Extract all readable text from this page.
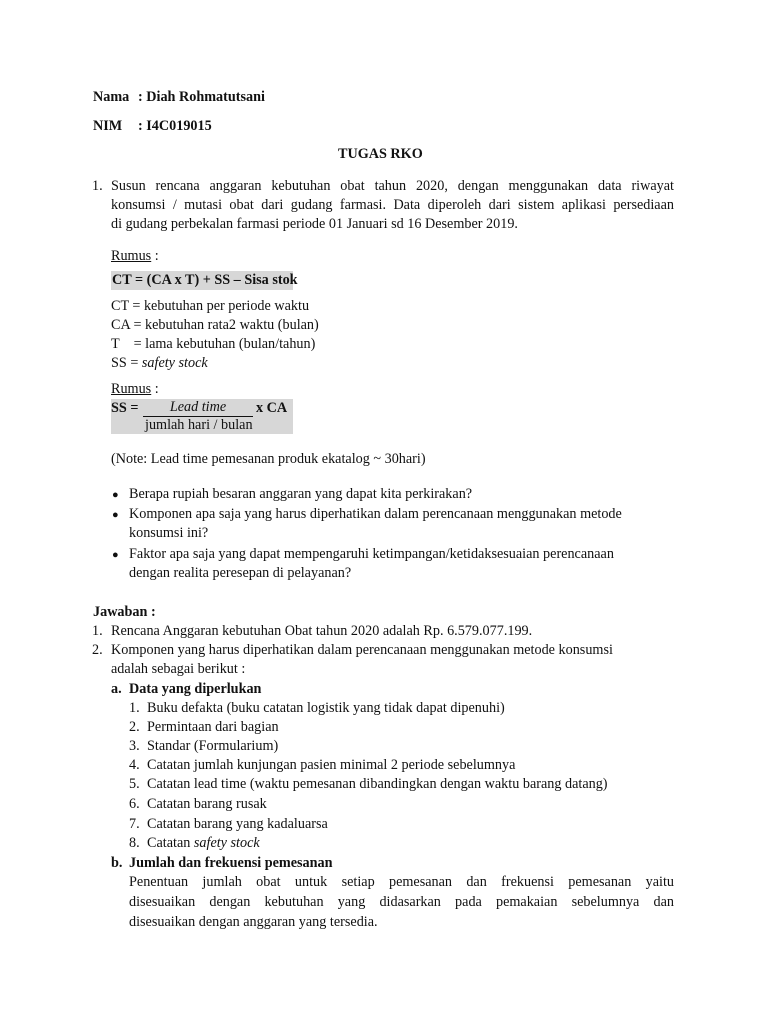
Nama : Diah Rohmatutsani
NIM : I4C019015
TUGAS RKO
1. Susun rencana anggaran kebutuhan obat tahun 2020, dengan menggunakan data riwayat
konsumsi / mutasi obat dari gudang farmasi. Data diperoleh dari sistem aplikasi persediaan
di gudang perbekalan farmasi periode 01 Januari sd 16 Desember 2019.
Rumus :
CT = (CA x T) + SS – Sisa stok
CT = kebutuhan per periode waktu
CA = kebutuhan rata2 waktu (bulan)
T    = lama kebutuhan (bulan/tahun)
SS = safety stock
Rumus :
SS =	Lead time	x CA
jumlah hari / bulan
(Note: Lead time pemesanan produk ekatalog ~ 30hari)
● Berapa rupiah besaran anggaran yang dapat kita perkirakan?
● Komponen apa saja yang harus diperhatikan dalam perencanaan menggunakan metode
konsumsi ini?
● Faktor apa saja yang dapat mempengaruhi ketimpangan/ketidaksesuaian perencanaan
dengan realita peresepan di pelayanan?
Jawaban :
1. Rencana Anggaran kebutuhan Obat tahun 2020 adalah Rp. 6.579.077.199.
2. Komponen yang harus diperhatikan dalam perencanaan menggunakan metode konsumsi
adalah sebagai berikut :
a. Data yang diperlukan
1. Buku defakta (buku catatan logistik yang tidak dapat dipenuhi)
2. Permintaan dari bagian
3. Standar (Formularium)
4. Catatan jumlah kunjungan pasien minimal 2 periode sebelumnya
5. Catatan lead time (waktu pemesanan dibandingkan dengan waktu barang datang)
6. Catatan barang rusak
7. Catatan barang yang kadaluarsa
8. Catatan safety stock
b. Jumlah dan frekuensi pemesanan
Penentuan jumlah obat untuk setiap pemesanan dan frekuensi pemesanan yaitu
disesuaikan dengan kebutuhan yang didasarkan pada pemakaian sebelumnya dan
disesuaikan dengan anggaran yang tersedia.
